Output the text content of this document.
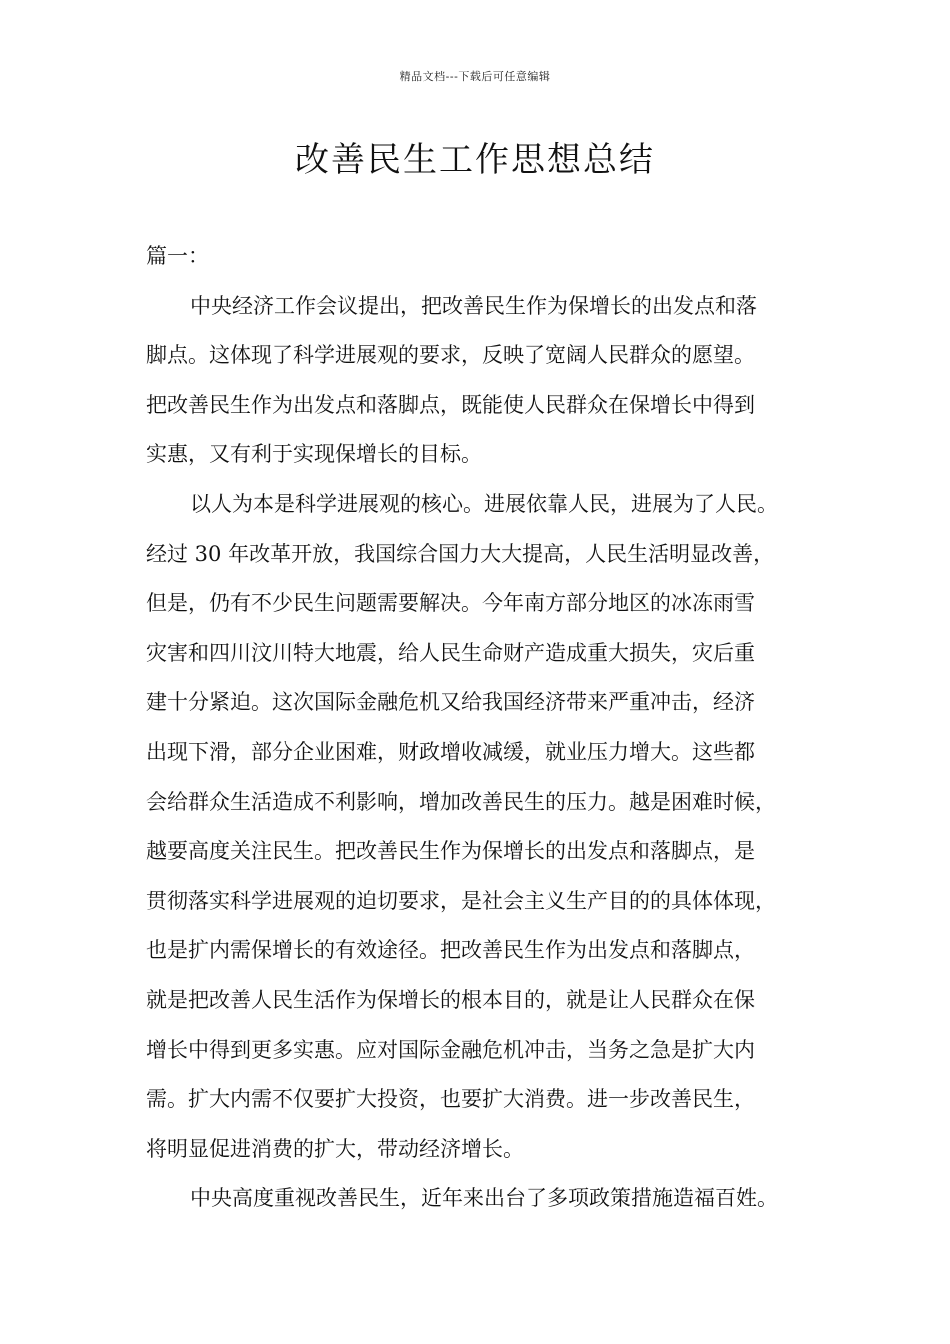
精品文档---下载后可任意编辑
改善民生工作思想总结
篇一：
中央经济工作会议提出，把改善民生作为保增长的出发点和落
脚点。这体现了科学进展观的要求，反映了宽阔人民群众的愿望。
把改善民生作为出发点和落脚点，既能使人民群众在保增长中得到
实惠，又有利于实现保增长的目标。
以人为本是科学进展观的核心。进展依靠人民，进展为了人民。
经过 30 年改革开放，我国综合国力大大提高，人民生活明显改善，
但是，仍有不少民生问题需要解决。今年南方部分地区的冰冻雨雪
灾害和四川汶川特大地震，给人民生命财产造成重大损失，灾后重
建十分紧迫。这次国际金融危机又给我国经济带来严重冲击，经济
出现下滑，部分企业困难，财政增收减缓，就业压力增大。这些都
会给群众生活造成不利影响，增加改善民生的压力。越是困难时候，
越要高度关注民生。把改善民生作为保增长的出发点和落脚点，是
贯彻落实科学进展观的迫切要求，是社会主义生产目的的具体体现，
也是扩内需保增长的有效途径。把改善民生作为出发点和落脚点，
就是把改善人民生活作为保增长的根本目的，就是让人民群众在保
增长中得到更多实惠。应对国际金融危机冲击，当务之急是扩大内
需。扩大内需不仅要扩大投资，也要扩大消费。进一步改善民生，
将明显促进消费的扩大，带动经济增长。
中央高度重视改善民生，近年来出台了多项政策措施造福百姓。
